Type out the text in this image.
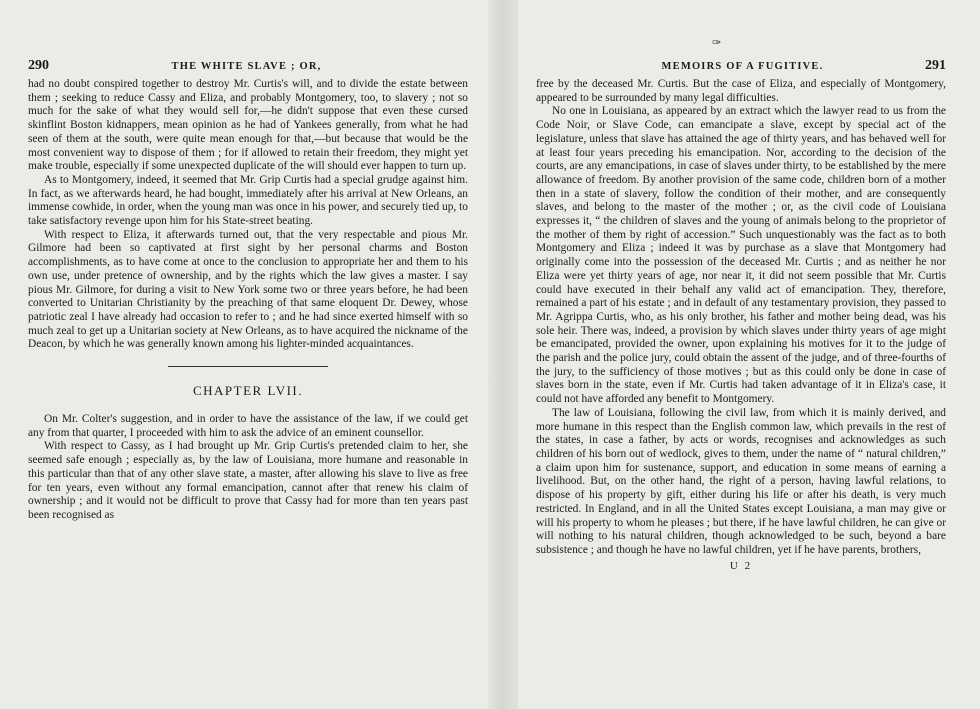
✑
290	THE WHITE SLAVE ; OR,

had no doubt conspired together to destroy Mr. Curtis's will, and to divide the estate between them ; seeking to reduce Cassy and Eliza, and probably Montgomery, too, to slavery ; not so much for the sake of what they would sell for,—he didn't suppose that even these cursed skinflint Boston kidnappers, mean opinion as he had of Yankees generally, from what he had seen of them at the south, were quite mean enough for that,—but because that would be the most convenient way to dispose of them ; for if allowed to retain their freedom, they might yet make trouble, especially if some unexpected duplicate of the will should ever happen to turn up.

As to Montgomery, indeed, it seemed that Mr. Grip Curtis had a special grudge against him. In fact, as we afterwards heard, he had bought, immediately after his arrival at New Orleans, an immense cowhide, in order, when the young man was once in his power, and securely tied up, to take satisfactory revenge upon him for his State-street beating.

With respect to Eliza, it afterwards turned out, that the very respectable and pious Mr. Gilmore had been so captivated at first sight by her personal charms and Boston accomplishments, as to have come at once to the conclusion to appropriate her and them to his own use, under pretence of ownership, and by the rights which the law gives a master. I say pious Mr. Gilmore, for during a visit to New York some two or three years before, he had been converted to Unitarian Christianity by the preaching of that same eloquent Dr. Dewey, whose patriotic zeal I have already had occasion to refer to ; and he had since exerted himself with so much zeal to get up a Unitarian society at New Orleans, as to have acquired the nickname of the Deacon, by which he was generally known among his lighter-minded acquaintances.

CHAPTER LVII.

On Mr. Colter's suggestion, and in order to have the assistance of the law, if we could get any from that quarter, I proceeded with him to ask the advice of an eminent counsellor.

With respect to Cassy, as I had brought up Mr. Grip Curtis's pretended claim to her, she seemed safe enough ; especially as, by the law of Louisiana, more humane and reasonable in this particular than that of any other slave state, a master, after allowing his slave to live as free for ten years, even without any formal emancipation, cannot after that renew his claim of ownership ; and it would not be difficult to prove that Cassy had for more than ten years past been recognised as

MEMOIRS OF A FUGITIVE.	291

free by the deceased Mr. Curtis. But the case of Eliza, and especially of Montgomery, appeared to be surrounded by many legal difficulties.

No one in Louisiana, as appeared by an extract which the lawyer read to us from the Code Noir, or Slave Code, can emancipate a slave, except by special act of the legislature, unless that slave has attained the age of thirty years, and has behaved well for at least four years preceding his emancipation. Nor, according to the decision of the courts, are any emancipations, in case of slaves under thirty, to be established by the mere allowance of freedom. By another provision of the same code, children born of a mother then in a state of slavery, follow the condition of their mother, and are consequently slaves, and belong to the master of the mother ; or, as the civil code of Louisiana expresses it, “ the children of slaves and the young of animals belong to the proprietor of the mother of them by right of accession.” Such unquestionably was the fact as to both Montgomery and Eliza ; indeed it was by purchase as a slave that Montgomery had originally come into the possession of the deceased Mr. Curtis ; and as neither he nor Eliza were yet thirty years of age, nor near it, it did not seem possible that Mr. Curtis could have executed in their behalf any valid act of emancipation. They, therefore, remained a part of his estate ; and in default of any testamentary provision, they passed to Mr. Agrippa Curtis, who, as his only brother, his father and mother being dead, was his sole heir. There was, indeed, a provision by which slaves under thirty years of age might be emancipated, provided the owner, upon explaining his motives for it to the judge of the parish and the police jury, could obtain the assent of the judge, and of three-fourths of the jury, to the sufficiency of those motives ; but as this could only be done in case of slaves born in the state, even if Mr. Curtis had taken advantage of it in Eliza's case, it could not have afforded any benefit to Montgomery.

The law of Louisiana, following the civil law, from which it is mainly derived, and more humane in this respect than the English common law, which prevails in the rest of the states, in case a father, by acts or words, recognises and acknowledges as such children of his born out of wedlock, gives to them, under the name of “ natural children,” a claim upon him for sustenance, support, and education in some means of earning a livelihood. But, on the other hand, the right of a person, having lawful relations, to dispose of his property by gift, either during his life or after his death, is very much restricted. In England, and in all the United States except Louisiana, a man may give or will his property to whom he pleases ; but there, if he have lawful children, he can give or will nothing to his natural children, though acknowledged to be such, beyond a bare subsistence ; and though he have no lawful children, yet if he have parents, brothers,

U 2
